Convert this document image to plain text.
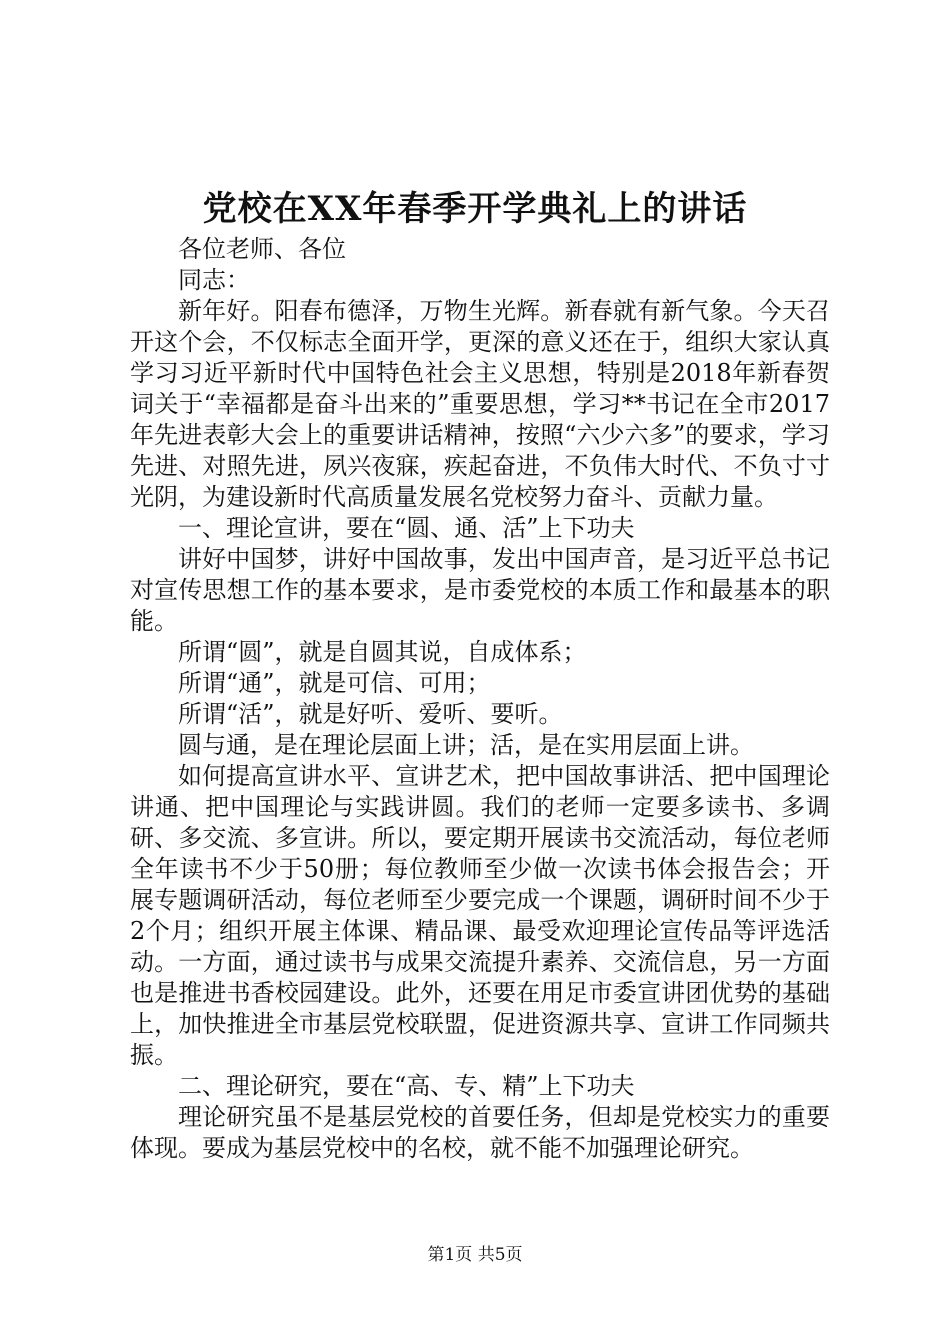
党校在XX年春季开学典礼上的讲话

各位老师、各位

同志：

新年好。阳春布德泽，万物生光辉。新春就有新气象。今天召开这个会，不仅标志全面开学，更深的意义还在于，组织大家认真学习习近平新时代中国特色社会主义思想，特别是2018年新春贺词关于“幸福都是奋斗出来的”重要思想，学习**书记在全市2017年先进表彰大会上的重要讲话精神，按照“六少六多”的要求，学习先进、对照先进，夙兴夜寐，疾起奋进，不负伟大时代、不负寸寸光阴，为建设新时代高质量发展名党校努力奋斗、贡献力量。

一、理论宣讲，要在“圆、通、活”上下功夫

讲好中国梦，讲好中国故事，发出中国声音，是习近平总书记对宣传思想工作的基本要求，是市委党校的本质工作和最基本的职能。

所谓“圆”，就是自圆其说，自成体系；

所谓“通”，就是可信、可用；

所谓“活”，就是好听、爱听、要听。

圆与通，是在理论层面上讲；活，是在实用层面上讲。

如何提高宣讲水平、宣讲艺术，把中国故事讲活、把中国理论讲通、把中国理论与实践讲圆。我们的老师一定要多读书、多调研、多交流、多宣讲。所以，要定期开展读书交流活动，每位老师全年读书不少于50册；每位教师至少做一次读书体会报告会；开展专题调研活动，每位老师至少要完成一个课题，调研时间不少于2个月；组织开展主体课、精品课、最受欢迎理论宣传品等评选活动。一方面，通过读书与成果交流提升素养、交流信息，另一方面也是推进书香校园建设。此外，还要在用足市委宣讲团优势的基础上，加快推进全市基层党校联盟，促进资源共享、宣讲工作同频共振。

二、理论研究，要在“高、专、精”上下功夫

理论研究虽不是基层党校的首要任务，但却是党校实力的重要体现。要成为基层党校中的名校，就不能不加强理论研究。

第1页 共5页
